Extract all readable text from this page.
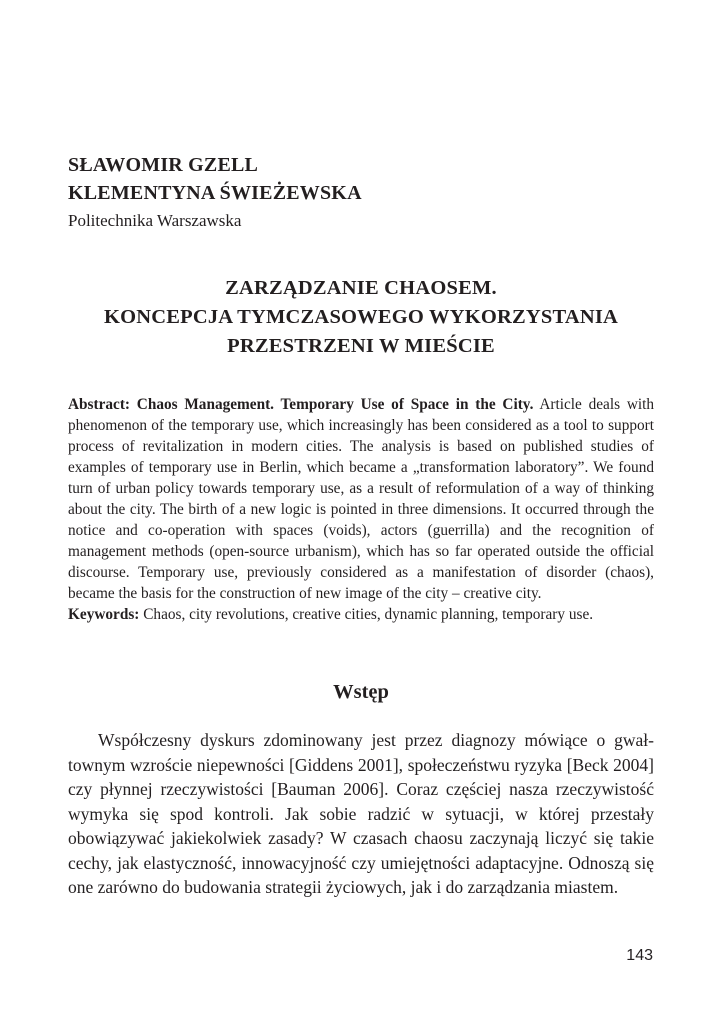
SŁAWOMIR GZELL
KLEMENTYNA ŚWIEŻEWSKA
Politechnika Warszawska
ZARZĄDZANIE CHAOSEM.
KONCEPCJA TYMCZASOWEGO WYKORZYSTANIA
PRZESTRZENI W MIEŚCIE

Abstract: Chaos Management. Temporary Use of Space in the City. Article deals with phenomenon of the temporary use, which increasingly has been considered as a tool to support process of revitalization in modern cities. The analysis is based on published studies of examples of temporary use in Berlin, which became a „transformation laboratory”. We found turn of urban policy towards temporary use, as a result of reformulation of a way of thinking about the city. The birth of a new logic is pointed in three dimensions. It occurred through the notice and co-operation with spaces (voids), actors (guerrilla) and the recognition of management methods (open-source urbanism), which has so far operated outside the official discourse. Temporary use, previously considered as a manifestation of disorder (chaos), became the basis for the construction of new image of the city – creative city.

Keywords: Chaos, city revolutions, creative cities, dynamic planning, temporary use.

Wstęp

Współczesny dyskurs zdominowany jest przez diagnozy mówiące o gwałtownym wzroście niepewności [Giddens 2001], społeczeństwu ryzyka [Beck 2004] czy płynnej rzeczywistości [Bauman 2006]. Coraz częściej nasza rzeczywistość wymyka się spod kontroli. Jak sobie radzić w sytuacji, w której przestały obowiązywać jakiekolwiek zasady? W czasach chaosu zaczynają liczyć się takie cechy, jak elastyczność, innowacyjność czy umiejętności adaptacyjne. Odnoszą się one zarówno do budowania strategii życiowych, jak i do zarządzania miastem.

143
